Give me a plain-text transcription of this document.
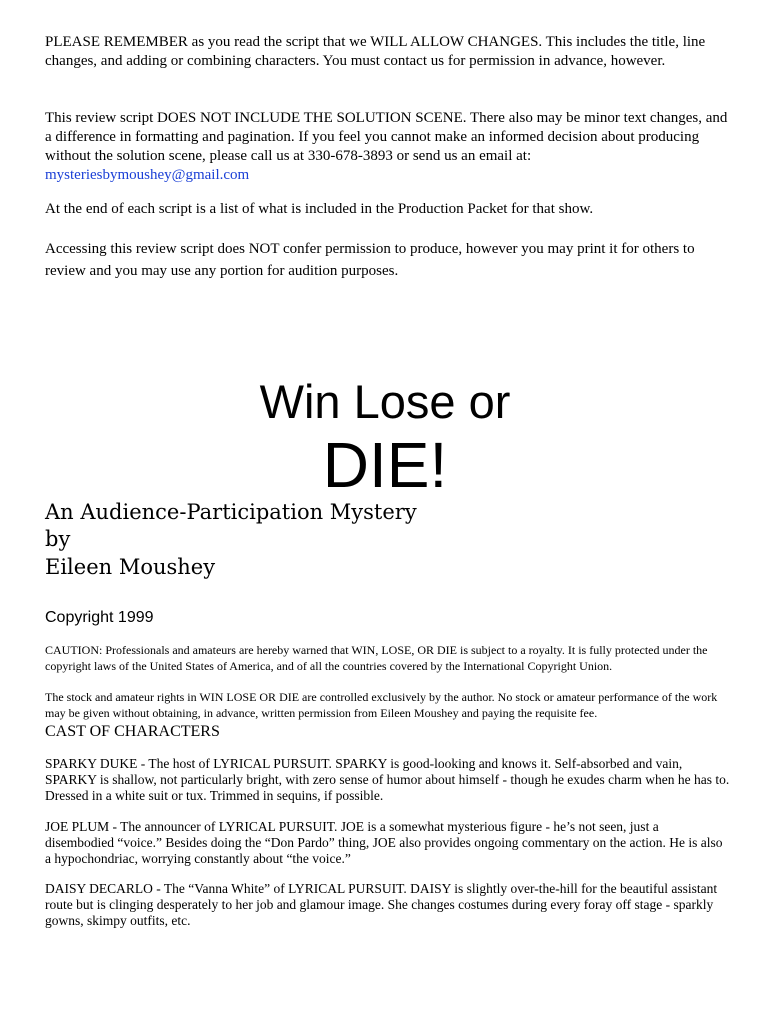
PLEASE REMEMBER as you read the script that we WILL ALLOW CHANGES. This includes the title, line changes, and adding or combining characters. You must contact us for permission in advance, however.

This review script DOES NOT INCLUDE THE SOLUTION SCENE. There also may be minor text changes, and a difference in formatting and pagination. If you feel you cannot make an informed decision about producing without the solution scene, please call us at 330-678-3893 or send us an email at: mysteriesbymoushey@gmail.com

At the end of each script is a list of what is included in the Production Packet for that show.

Accessing this review script does NOT confer permission to produce, however you may print it for others to review and you may use any portion for audition purposes.

Win Lose or
DIE!
An Audience-Participation Mystery
by
Eileen Moushey
Copyright 1999
CAUTION: Professionals and amateurs are hereby warned that WIN, LOSE, OR DIE is subject to a royalty. It is fully protected under the copyright laws of the United States of America, and of all the countries covered by the International Copyright Union.
The stock and amateur rights in WIN LOSE OR DIE are controlled exclusively by the author. No stock or amateur performance of the work may be given without obtaining, in advance, written permission from Eileen Moushey and paying the requisite fee.
CAST OF CHARACTERS
SPARKY DUKE - The host of LYRICAL PURSUIT. SPARKY is good-looking and knows it. Self-absorbed and vain, SPARKY is shallow, not particularly bright, with zero sense of humor about himself - though he exudes charm when he has to. Dressed in a white suit or tux. Trimmed in sequins, if possible.
JOE PLUM - The announcer of LYRICAL PURSUIT. JOE is a somewhat mysterious figure - he’s not seen, just a disembodied “voice.” Besides doing the “Don Pardo” thing, JOE also provides ongoing commentary on the action. He is also a hypochondriac, worrying constantly about “the voice.”
DAISY DECARLO - The “Vanna White” of LYRICAL PURSUIT. DAISY is slightly over-the-hill for the beautiful assistant route but is clinging desperately to her job and glamour image. She changes costumes during every foray off stage - sparkly gowns, skimpy outfits, etc.
